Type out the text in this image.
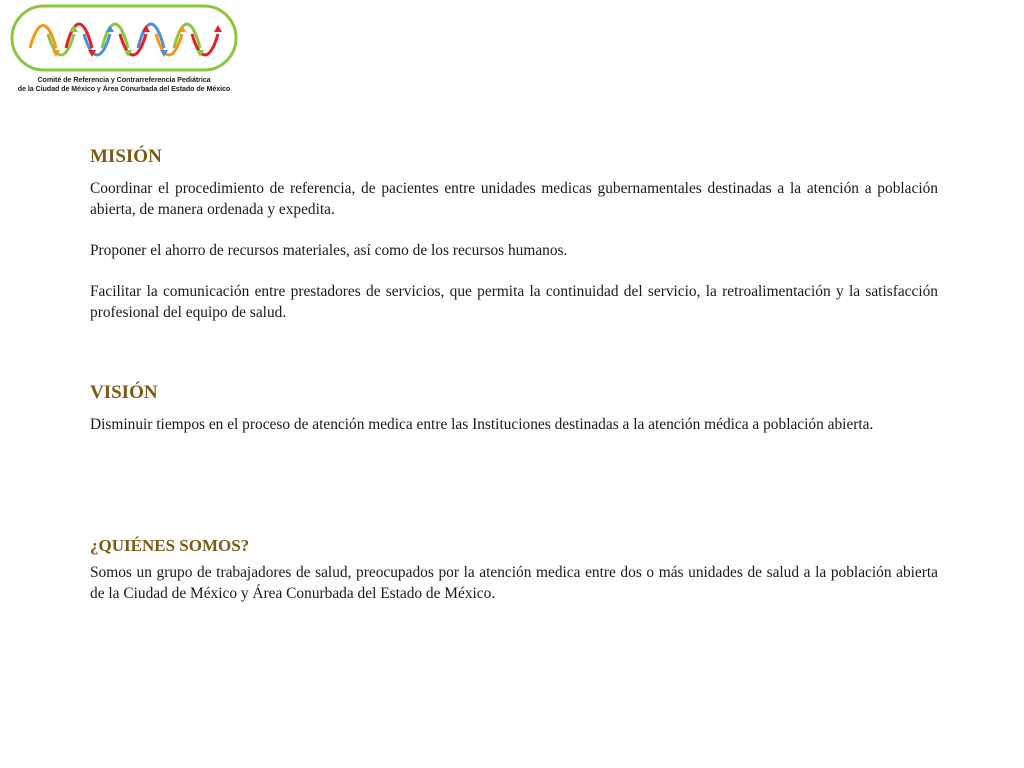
Comité de Referencia y Contrarreferencia Pediátrica
de la Ciudad de México y Área Conurbada del Estado de México
MISIÓN

Coordinar el procedimiento de referencia, de pacientes entre unidades medicas gubernamentales destinadas a la atención a población abierta, de manera ordenada y expedita.

Proponer el ahorro de recursos materiales, así como de los recursos humanos.

Facilitar la comunicación entre prestadores de servicios, que permita la continuidad del servicio, la retroalimentación y la satisfacción profesional del equipo de salud.

VISIÓN

Disminuir tiempos en el proceso de atención medica entre las Instituciones destinadas a la atención médica a población abierta.

¿QUIÉNES SOMOS?

Somos un grupo de trabajadores de salud, preocupados por la atención medica entre dos o más unidades de salud a la población abierta de la Ciudad de México y Área Conurbada del Estado de México.
